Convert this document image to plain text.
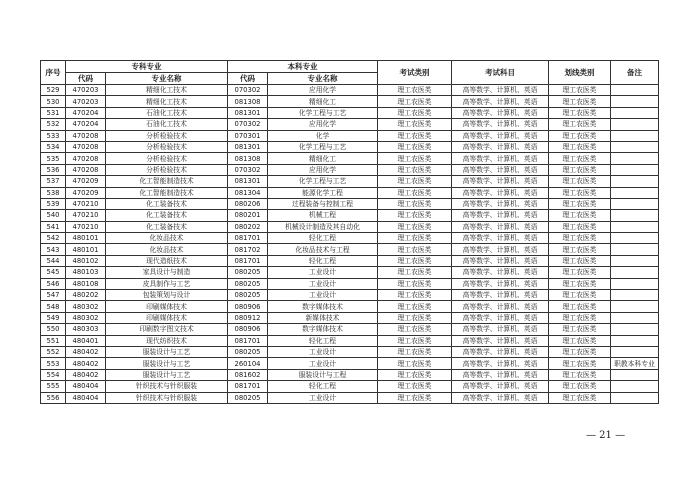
序号	专科专业		本科专业		考试类别	考试科目	划线类别	备注
	代码	专业名称	代码	专业名称				
529	470203	精细化工技术	070302	应用化学	理工农医类	高等数学、计算机、英语	理工农医类	
530	470203	精细化工技术	081308	精细化工	理工农医类	高等数学、计算机、英语	理工农医类	
531	470204	石油化工技术	081301	化学工程与工艺	理工农医类	高等数学、计算机、英语	理工农医类	
532	470204	石油化工技术	070302	应用化学	理工农医类	高等数学、计算机、英语	理工农医类	
533	470208	分析检验技术	070301	化学	理工农医类	高等数学、计算机、英语	理工农医类	
534	470208	分析检验技术	081301	化学工程与工艺	理工农医类	高等数学、计算机、英语	理工农医类	
535	470208	分析检验技术	081308	精细化工	理工农医类	高等数学、计算机、英语	理工农医类	
536	470208	分析检验技术	070302	应用化学	理工农医类	高等数学、计算机、英语	理工农医类	
537	470209	化工智能制造技术	081301	化学工程与工艺	理工农医类	高等数学、计算机、英语	理工农医类	
538	470209	化工智能制造技术	081304	能源化学工程	理工农医类	高等数学、计算机、英语	理工农医类	
539	470210	化工装备技术	080206	过程装备与控制工程	理工农医类	高等数学、计算机、英语	理工农医类	
540	470210	化工装备技术	080201	机械工程	理工农医类	高等数学、计算机、英语	理工农医类	
541	470210	化工装备技术	080202	机械设计制造及其自动化	理工农医类	高等数学、计算机、英语	理工农医类	
542	480101	化妆品技术	081701	轻化工程	理工农医类	高等数学、计算机、英语	理工农医类	
543	480101	化妆品技术	081702	化妆品技术与工程	理工农医类	高等数学、计算机、英语	理工农医类	
544	480102	现代造纸技术	081701	轻化工程	理工农医类	高等数学、计算机、英语	理工农医类	
545	480103	家具设计与制造	080205	工业设计	理工农医类	高等数学、计算机、英语	理工农医类	
546	480108	皮具制作与工艺	080205	工业设计	理工农医类	高等数学、计算机、英语	理工农医类	
547	480202	包装策划与设计	080205	工业设计	理工农医类	高等数学、计算机、英语	理工农医类	
548	480302	印刷媒体技术	080906	数字媒体技术	理工农医类	高等数学、计算机、英语	理工农医类	
549	480302	印刷媒体技术	080912	新媒体技术	理工农医类	高等数学、计算机、英语	理工农医类	
550	480303	印刷数字图文技术	080906	数字媒体技术	理工农医类	高等数学、计算机、英语	理工农医类	
551	480401	现代纺织技术	081701	轻化工程	理工农医类	高等数学、计算机、英语	理工农医类	
552	480402	服装设计与工艺	080205	工业设计	理工农医类	高等数学、计算机、英语	理工农医类	
553	480402	服装设计与工艺	260104	工业设计	理工农医类	高等数学、计算机、英语	理工农医类	职教本科专业
554	480402	服装设计与工艺	081602	服装设计与工程	理工农医类	高等数学、计算机、英语	理工农医类	
555	480404	针织技术与针织服装	081701	轻化工程	理工农医类	高等数学、计算机、英语	理工农医类	
556	480404	针织技术与针织服装	080205	工业设计	理工农医类	高等数学、计算机、英语	理工农医类	
— 21 —
